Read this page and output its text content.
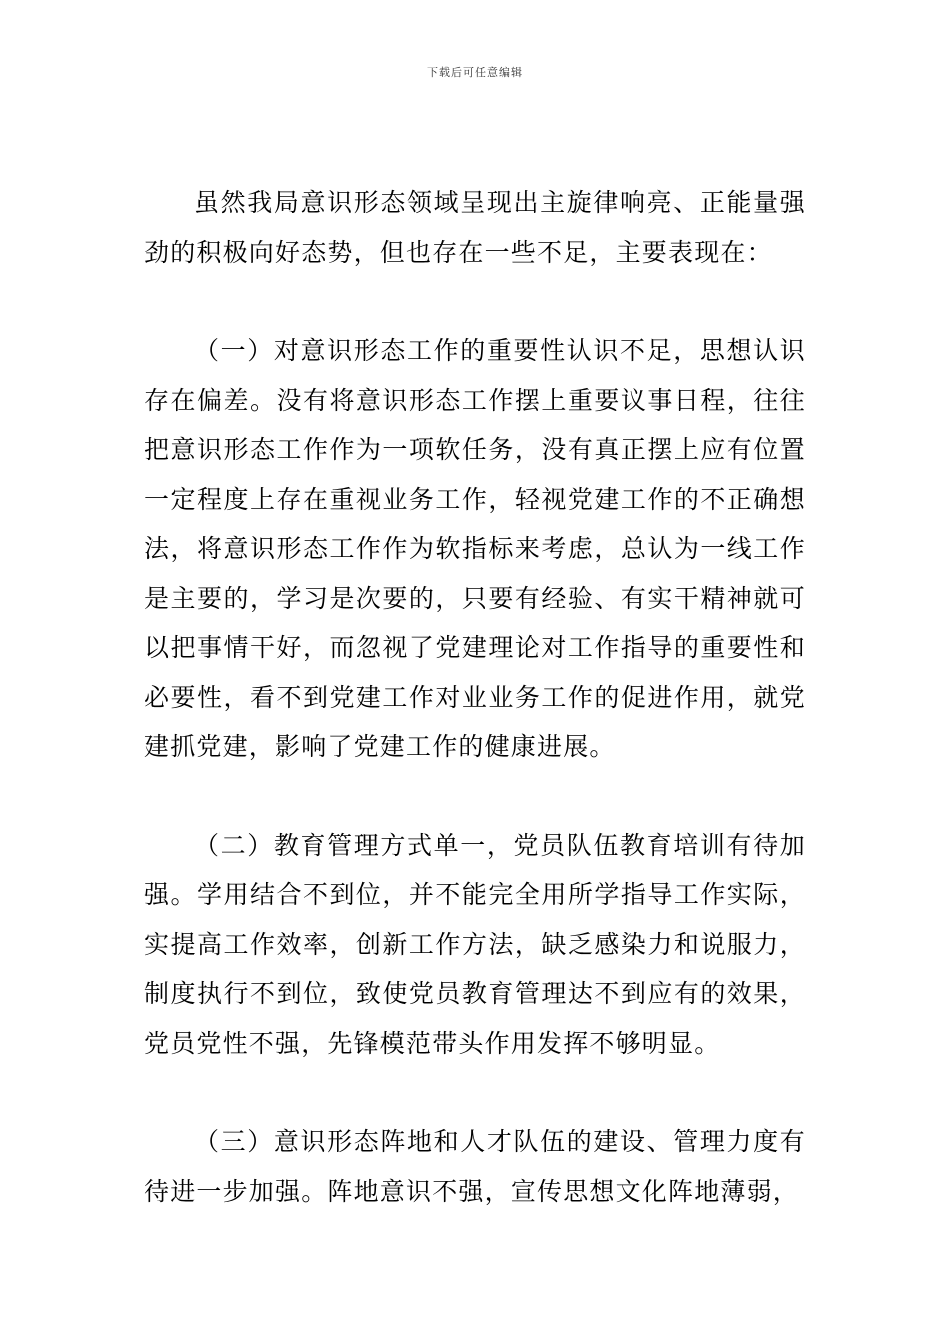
下载后可任意编辑

虽然我局意识形态领域呈现出主旋律响亮、正能量强劲的积极向好态势，但也存在一些不足，主要表现在：

（一）对意识形态工作的重要性认识不足，思想认识存在偏差。没有将意识形态工作摆上重要议事日程，往往把意识形态工作作为一项软任务，没有真正摆上应有位置一定程度上存在重视业务工作，轻视党建工作的不正确想法，将意识形态工作作为软指标来考虑，总认为一线工作是主要的，学习是次要的，只要有经验、有实干精神就可以把事情干好，而忽视了党建理论对工作指导的重要性和必要性，看不到党建工作对业业务工作的促进作用，就党建抓党建，影响了党建工作的健康进展。

（二）教育管理方式单一，党员队伍教育培训有待加强。学用结合不到位，并不能完全用所学指导工作实际，实提高工作效率，创新工作方法，缺乏感染力和说服力，制度执行不到位，致使党员教育管理达不到应有的效果，党员党性不强，先锋模范带头作用发挥不够明显。

（三）意识形态阵地和人才队伍的建设、管理力度有待进一步加强。阵地意识不强，宣传思想文化阵地薄弱，
